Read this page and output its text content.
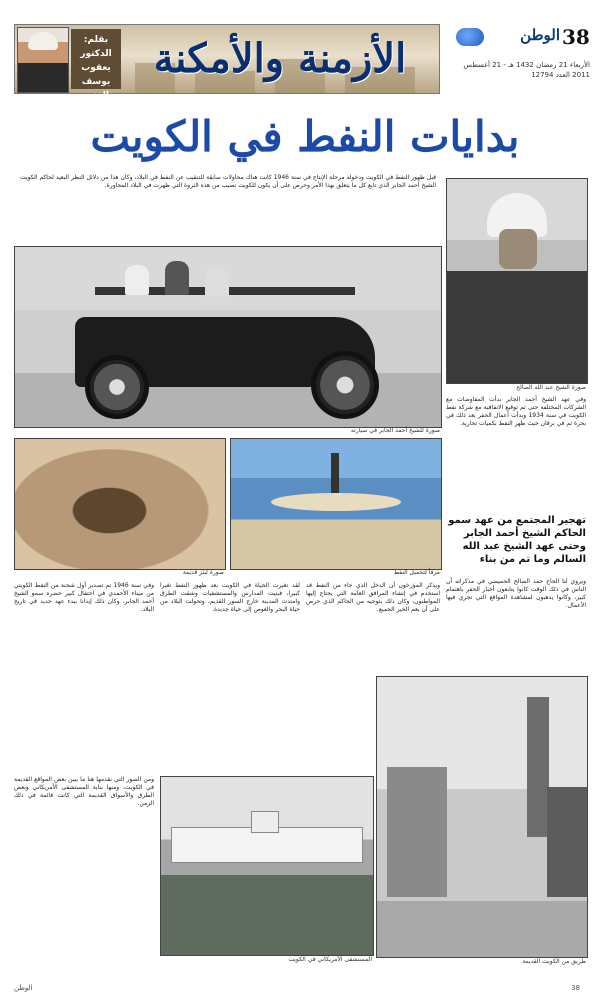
38
الوطن
الأربعاء 21 رمضان 1432 هـ - 21 أغسطس 2011 العدد 12794
الأزمنة والأمكنة
بقلم: الدكتور يعقوب يوسف الغنيم
بدايات النفط في الكويت
صورة الشيخ عبد الله الصالح
قبل ظهور النفط في الكويت ودخوله مرحلة الإنتاج في سنة 1946 كانت هناك محاولات سابقة للتنقيب عن النفط في البلاد، وكان هذا من دلائل النظر البعيد لحاكم الكويت الشيخ أحمد الجابر الذي تابع كل ما يتعلق بهذا الأمر وحرص على أن يكون للكويت نصيب من هذه الثروة التي ظهرت في البلاد المجاورة.
صورة للشيخ أحمد الجابر في سيارته
وفي عهد الشيخ أحمد الجابر بدأت المفاوضات مع الشركات المختلفة حتى تم توقيع الاتفاقية مع شركة نفط الكويت في سنة 1934 وبدأت أعمال الحفر بعد ذلك في بحرة ثم في برقان حيث ظهر النفط بكميات تجارية.
تهجير المجتمع من عهد سمو الحاكم الشيخ أحمد الجابر وحتى عهد الشيخ عبد الله السالم وما تم من بناء
ويروي لنا الحاج حمد الصالح الحميضي في مذكراته أن الناس في ذلك الوقت كانوا يتابعون أخبار الحفر باهتمام كبير، وكانوا يذهبون لمشاهدة المواقع التي تجري فيها الأعمال.
صورة لبئر قديمة	مرفأ لتحميل النفط
وفي سنة 1946 تم تصدير أول شحنة من النفط الكويتي من ميناء الأحمدي في احتفال كبير حضره سمو الشيخ أحمد الجابر، وكان ذلك إيذانا ببدء عهد جديد في تاريخ البلاد.
لقد تغيرت الحياة في الكويت بعد ظهور النفط تغيرا كبيرا، فبنيت المدارس والمستشفيات وشقت الطرق وامتدت المدينة خارج السور القديم، وتحولت البلاد من حياة البحر والغوص إلى حياة جديدة.
ويذكر المؤرخون أن الدخل الذي جاء من النفط قد استخدم في إنشاء المرافق العامة التي يحتاج إليها المواطنون، وكان ذلك بتوجيه من الحاكم الذي حرص على أن يعم الخير الجميع.
طريق من الكويت القديمة
ومن الصور التي نقدمها هنا ما يبين بعض المواقع القديمة في الكويت، ومنها بناية المستشفى الأمريكاني وبعض الطرق والأسواق القديمة التي كانت قائمة في ذلك الزمن.
المستشفى الأمريكاني في الكويت
الوطن	38
